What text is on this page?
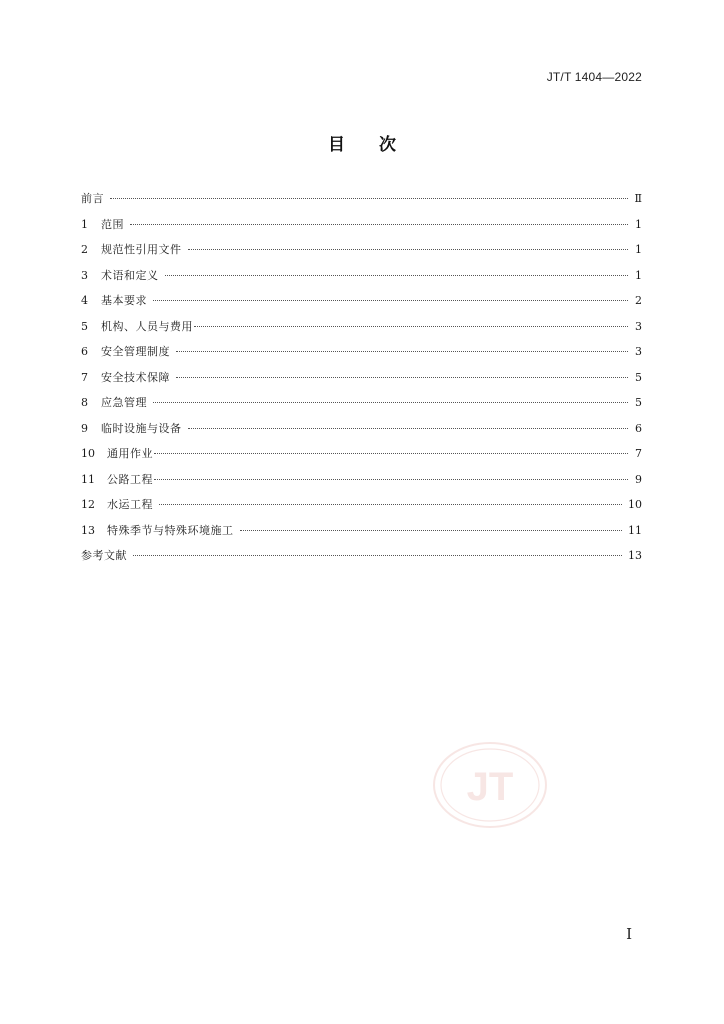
JT/T 1404—2022
目次
前言	Ⅱ
1	范围	1
2	规范性引用文件	1
3	术语和定义	1
4	基本要求	2
5	机构、人员与费用	3
6	安全管理制度	3
7	安全技术保障	5
8	应急管理	5
9	临时设施与设备	6
10	通用作业	7
11	公路工程	9
12	水运工程	10
13	特殊季节与特殊环境施工	11
参考文献	13
JT
I
